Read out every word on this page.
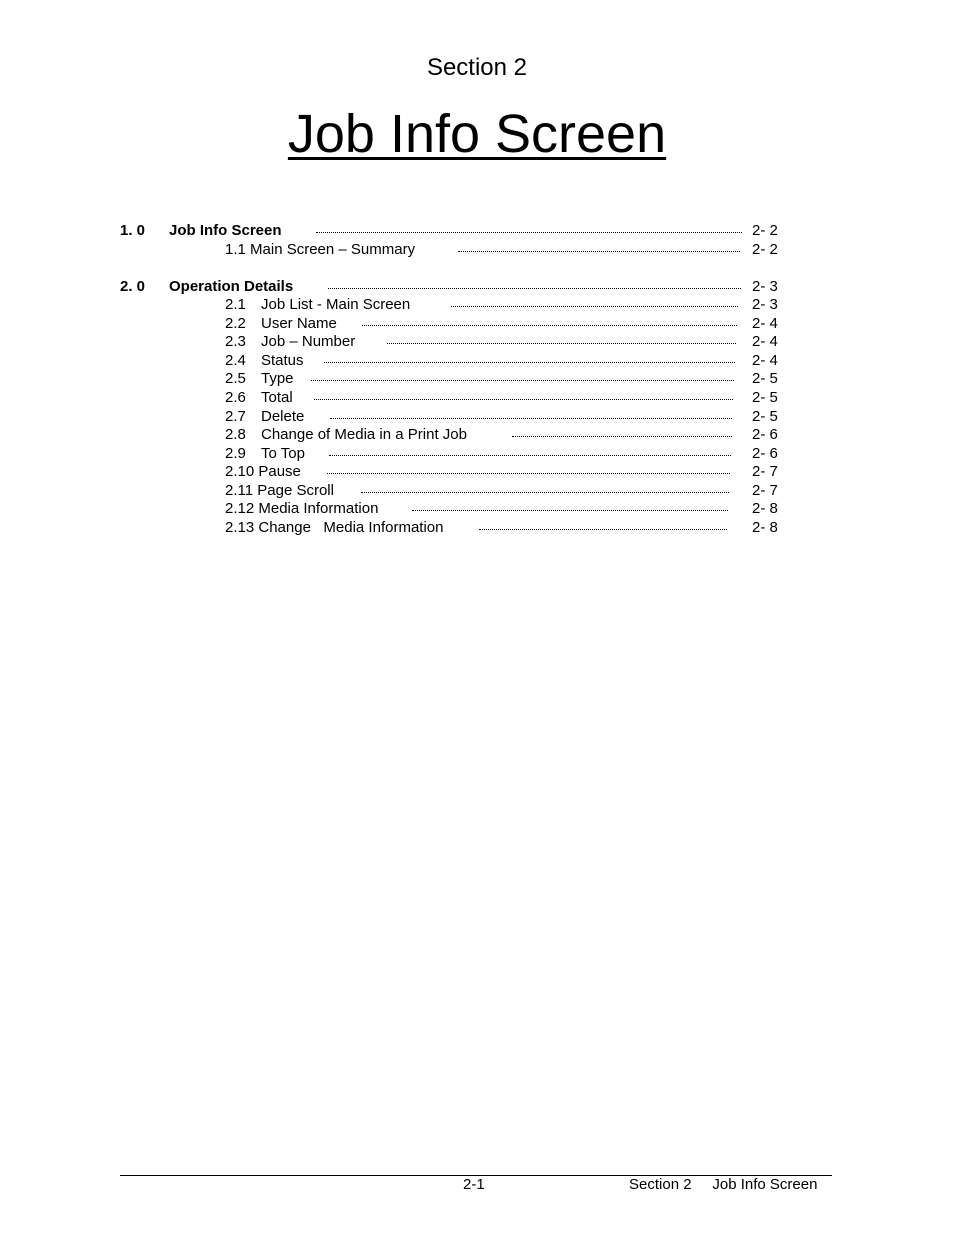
Section 2
Job Info Screen
1. 0 Job Info Screen	2- 2
1.1 Main Screen – Summary	2- 2
2. 0 Operation Details	2- 3
2.1 Job List - Main Screen	2- 3
2.2 User Name	2- 4
2.3 Job – Number	2- 4
2.4 Status	2- 4
2.5 Type	2- 5
2.6 Total	2- 5
2.7 Delete	2- 5
2.8 Change of Media in a Print Job	2- 6
2.9 To Top	2- 6
2.10 Pause	2- 7
2.11 Page Scroll	2- 7
2.12 Media Information	2- 8
2.13 Change   Media Information	2- 8
2-1	Section 2     Job Info Screen
